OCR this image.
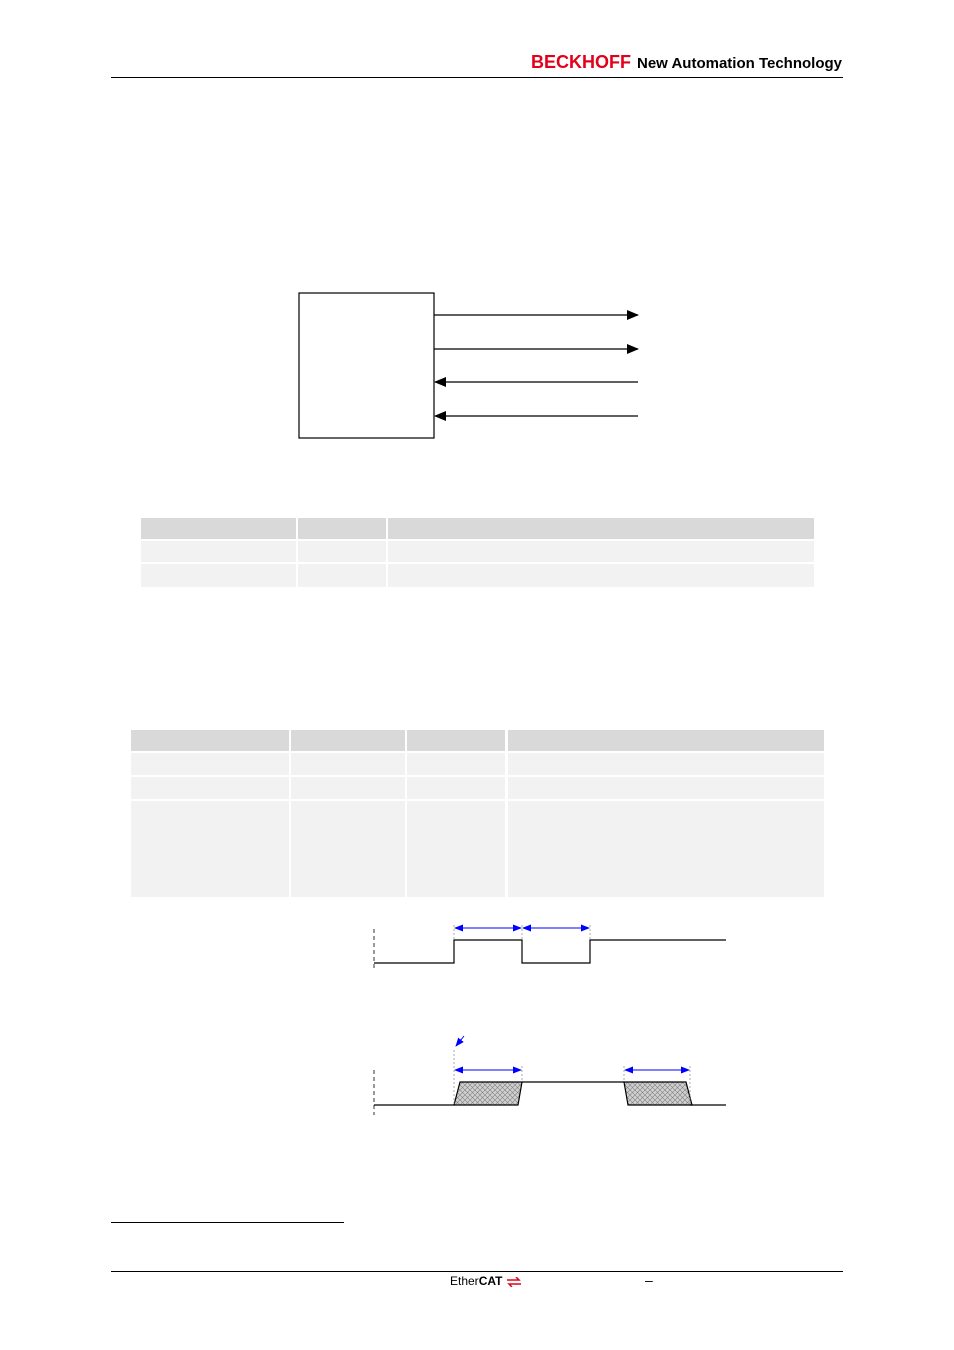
BECKHOFF New Automation Technology
EtherCAT	–
